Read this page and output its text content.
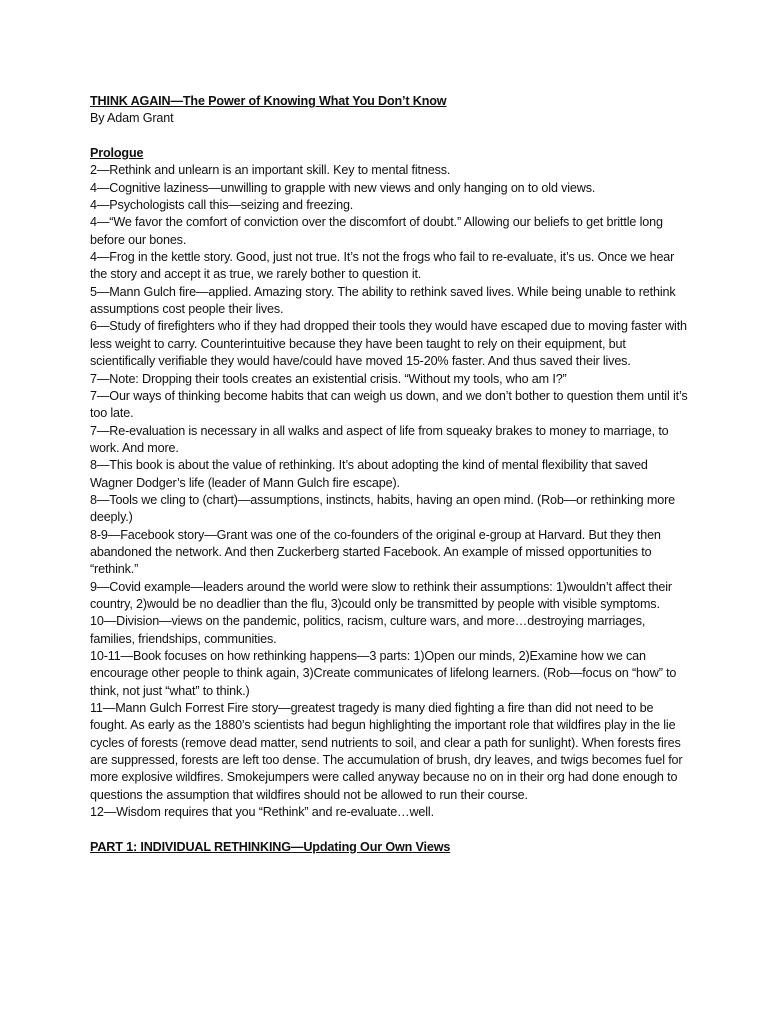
THINK AGAIN—The Power of Knowing What You Don’t Know
By Adam Grant
Prologue

2—Rethink and unlearn is an important skill. Key to mental fitness.

4—Cognitive laziness—unwilling to grapple with new views and only hanging on to old views.

4—Psychologists call this—seizing and freezing.

4—“We favor the comfort of conviction over the discomfort of doubt.” Allowing our beliefs to get brittle long before our bones.

4—Frog in the kettle story. Good, just not true. It’s not the frogs who fail to re-evaluate, it’s us. Once we hear the story and accept it as true, we rarely bother to question it.

5—Mann Gulch fire—applied. Amazing story. The ability to rethink saved lives. While being unable to rethink assumptions cost people their lives.

6—Study of firefighters who if they had dropped their tools they would have escaped due to moving faster with less weight to carry. Counterintuitive because they have been taught to rely on their equipment, but scientifically verifiable they would have/could have moved 15-20% faster. And thus saved their lives.

7—Note: Dropping their tools creates an existential crisis. “Without my tools, who am I?”

7—Our ways of thinking become habits that can weigh us down, and we don’t bother to question them until it’s too late.

7—Re-evaluation is necessary in all walks and aspect of life from squeaky brakes to money to marriage, to work. And more.

8—This book is about the value of rethinking. It’s about adopting the kind of mental flexibility that saved Wagner Dodger’s life (leader of Mann Gulch fire escape).

8—Tools we cling to (chart)—assumptions, instincts, habits, having an open mind. (Rob—or rethinking more deeply.)

8-9—Facebook story—Grant was one of the co-founders of the original e-group at Harvard. But they then abandoned the network. And then Zuckerberg started Facebook. An example of missed opportunities to “rethink.”

9—Covid example—leaders around the world were slow to rethink their assumptions: 1)wouldn’t affect their country, 2)would be no deadlier than the flu, 3)could only be transmitted by people with visible symptoms.

10—Division—views on the pandemic, politics, racism, culture wars, and more…destroying marriages, families, friendships, communities.

10-11—Book focuses on how rethinking happens—3 parts: 1)Open our minds, 2)Examine how we can encourage other people to think again, 3)Create communicates of lifelong learners. (Rob—focus on “how” to think, not just “what” to think.)

11—Mann Gulch Forrest Fire story—greatest tragedy is many died fighting a fire than did not need to be fought. As early as the 1880’s scientists had begun highlighting the important role that wildfires play in the lie cycles of forests (remove dead matter, send nutrients to soil, and clear a path for sunlight). When forests fires are suppressed, forests are left too dense. The accumulation of brush, dry leaves, and twigs becomes fuel for more explosive wildfires. Smokejumpers were called anyway because no on in their org had done enough to questions the assumption that wildfires should not be allowed to run their course.

12—Wisdom requires that you “Rethink” and re-evaluate…well.

PART 1: INDIVIDUAL RETHINKING—Updating Our Own Views
